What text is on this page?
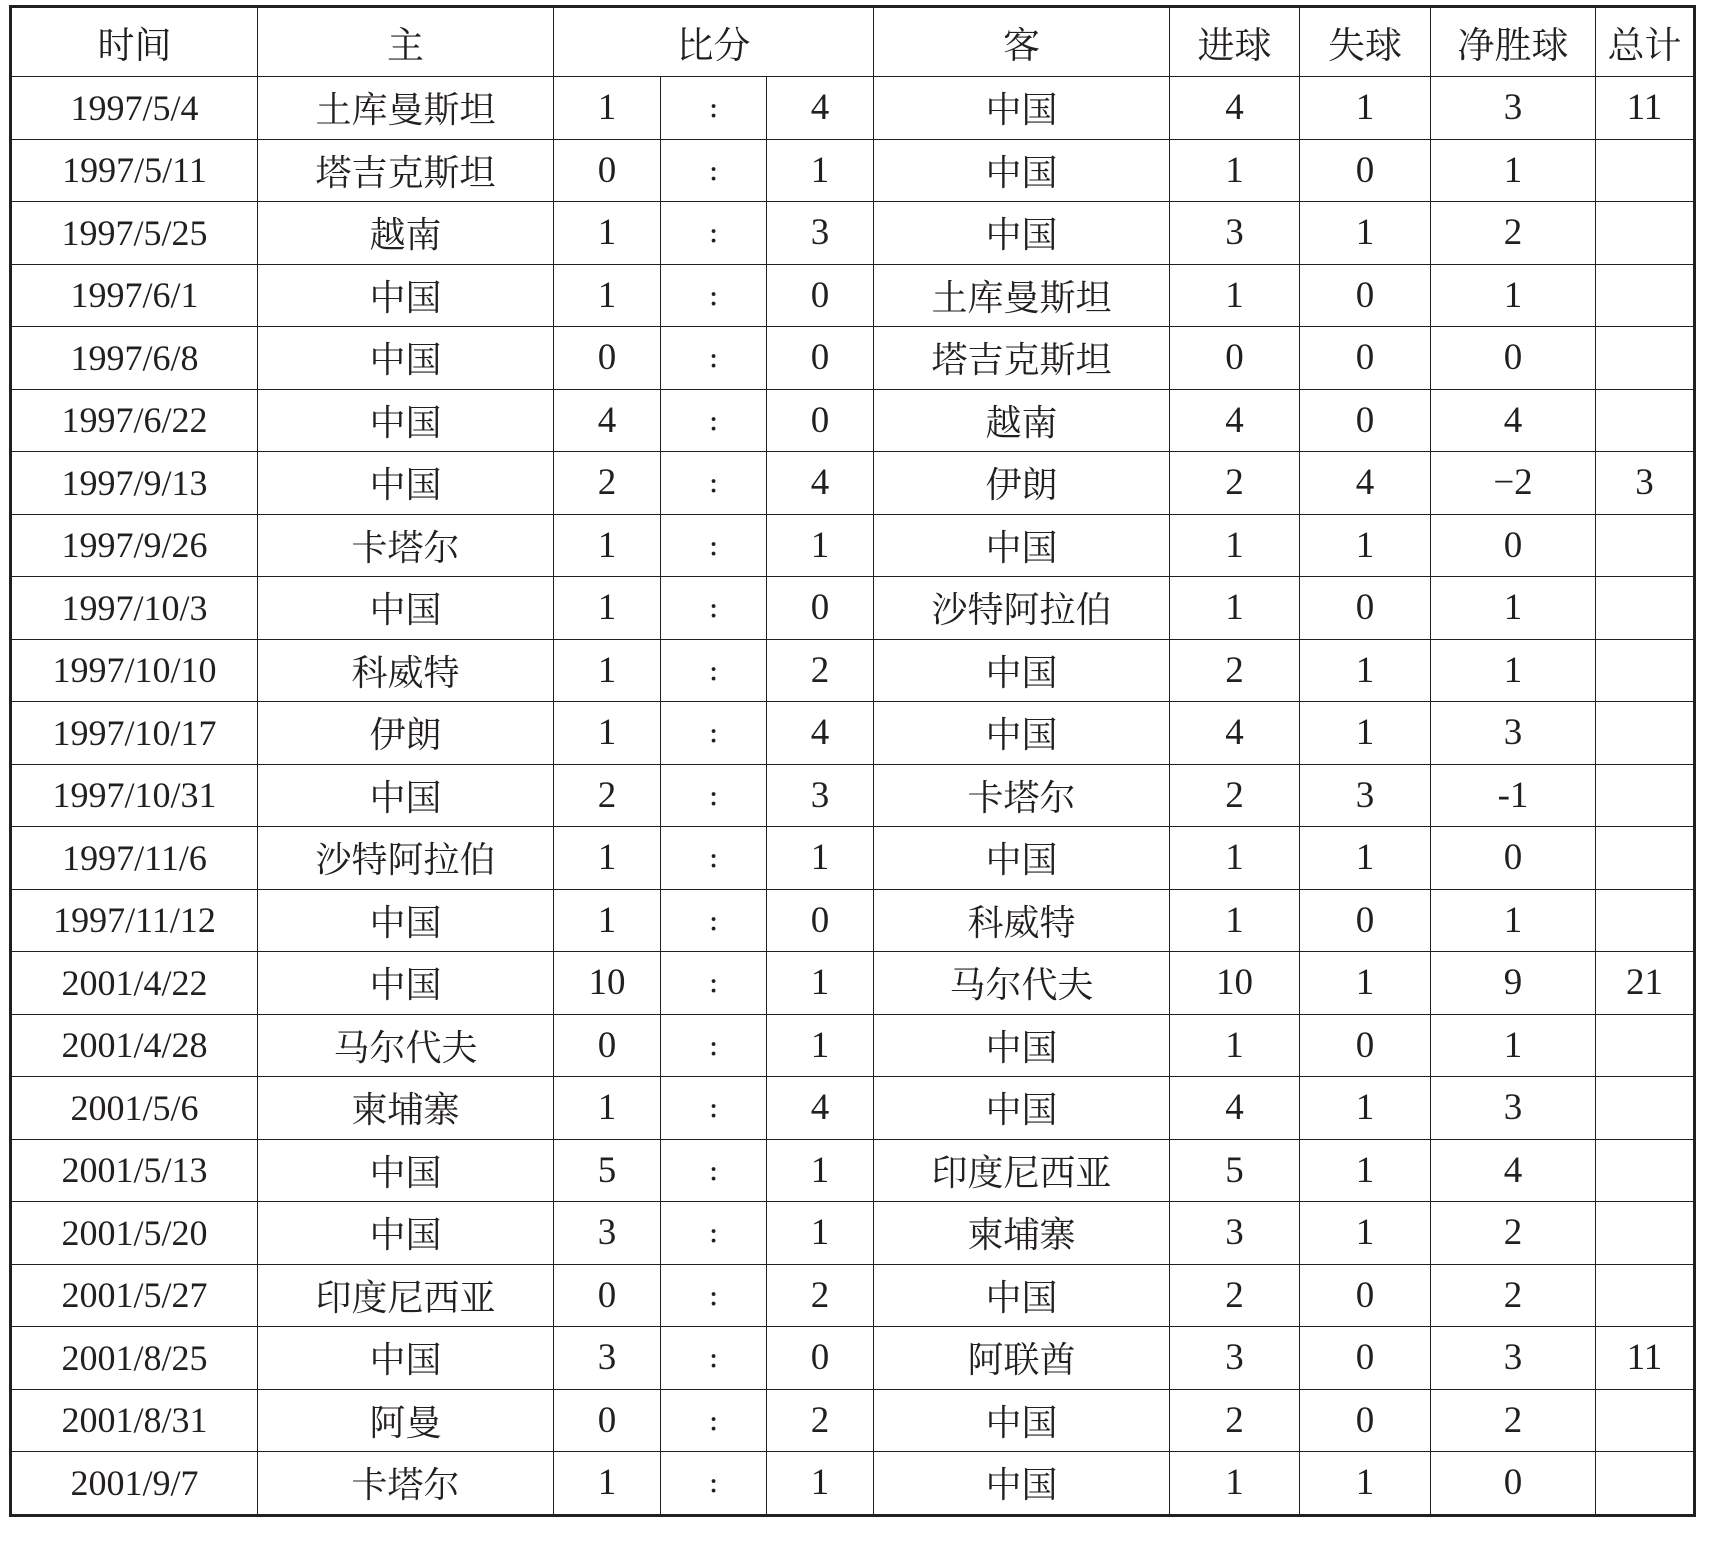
时间	主	比分			客	进球	失球	净胜球	总计
1997/5/4	土库曼斯坦	1	:	4	中国	4	1	3	11
1997/5/11	塔吉克斯坦	0	:	1	中国	1	0	1	
1997/5/25	越南	1	:	3	中国	3	1	2	
1997/6/1	中国	1	:	0	土库曼斯坦	1	0	1	
1997/6/8	中国	0	:	0	塔吉克斯坦	0	0	0	
1997/6/22	中国	4	:	0	越南	4	0	4	
1997/9/13	中国	2	:	4	伊朗	2	4	−2	3
1997/9/26	卡塔尔	1	:	1	中国	1	1	0	
1997/10/3	中国	1	:	0	沙特阿拉伯	1	0	1	
1997/10/10	科威特	1	:	2	中国	2	1	1	
1997/10/17	伊朗	1	:	4	中国	4	1	3	
1997/10/31	中国	2	:	3	卡塔尔	2	3	-1	
1997/11/6	沙特阿拉伯	1	:	1	中国	1	1	0	
1997/11/12	中国	1	:	0	科威特	1	0	1	
2001/4/22	中国	10	:	1	马尔代夫	10	1	9	21
2001/4/28	马尔代夫	0	:	1	中国	1	0	1	
2001/5/6	柬埔寨	1	:	4	中国	4	1	3	
2001/5/13	中国	5	:	1	印度尼西亚	5	1	4	
2001/5/20	中国	3	:	1	柬埔寨	3	1	2	
2001/5/27	印度尼西亚	0	:	2	中国	2	0	2	
2001/8/25	中国	3	:	0	阿联酋	3	0	3	11
2001/8/31	阿曼	0	:	2	中国	2	0	2	
2001/9/7	卡塔尔	1	:	1	中国	1	1	0	
